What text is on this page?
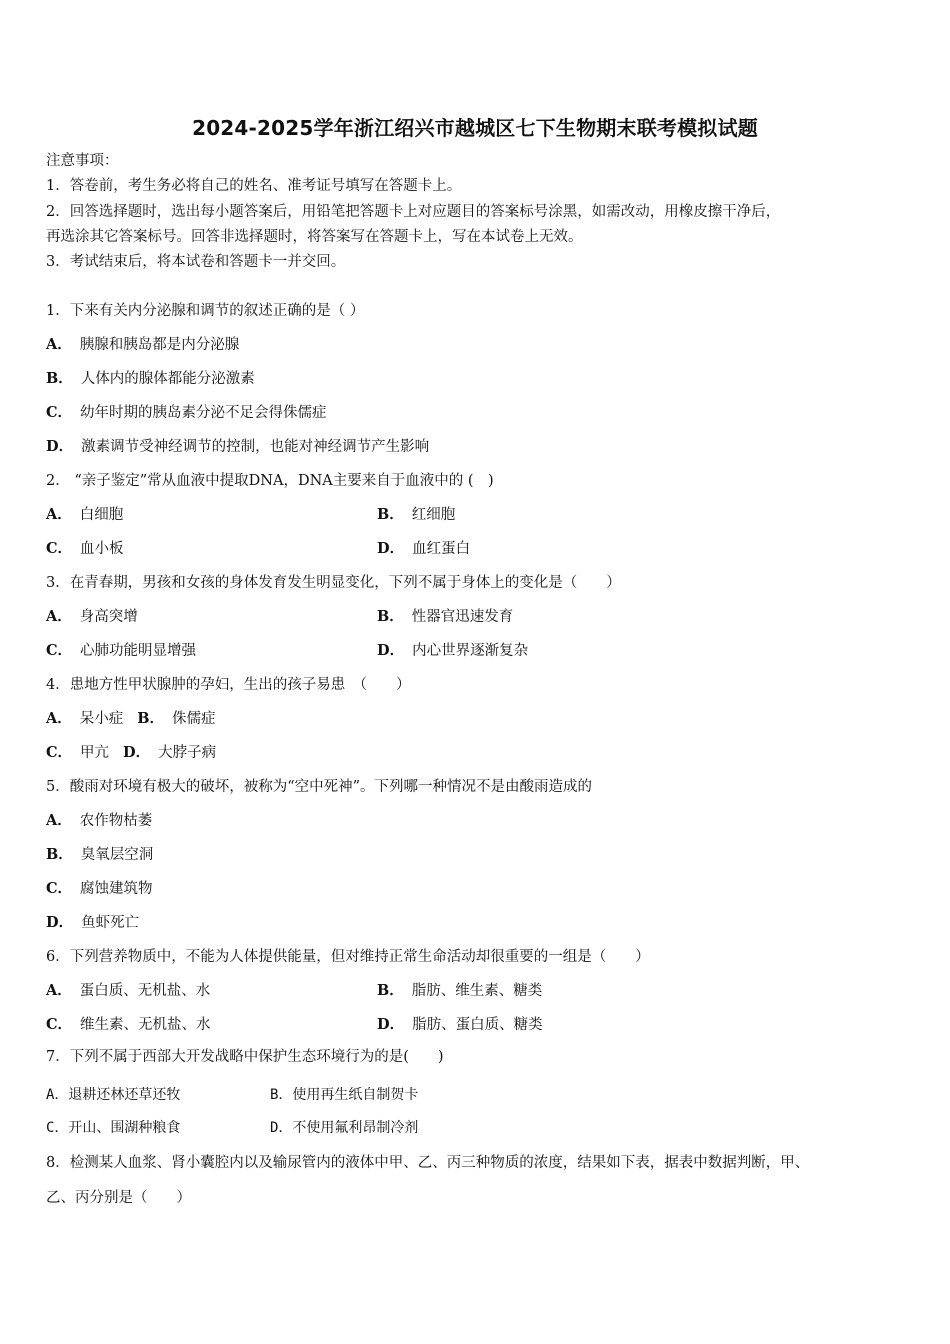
2024-2025学年浙江绍兴市越城区七下生物期末联考模拟试题
注意事项：
1．答卷前，考生务必将自己的姓名、准考证号填写在答题卡上。
2．回答选择题时，选出每小题答案后，用铅笔把答题卡上对应题目的答案标号涂黑，如需改动，用橡皮擦干净后，
再选涂其它答案标号。回答非选择题时，将答案写在答题卡上，写在本试卷上无效。
3．考试结束后，将本试卷和答题卡一并交回。
1．下来有关内分泌腺和调节的叙述正确的是（ ）
A． 胰腺和胰岛都是内分泌腺
B． 人体内的腺体都能分泌激素
C． 幼年时期的胰岛素分泌不足会得侏儒症
D． 激素调节受神经调节的控制，也能对神经调节产生影响
2． “亲子鉴定”常从血液中提取DNA，DNA主要来自于血液中的 (　)
A． 白细胞	B． 红细胞
C． 血小板	D． 血红蛋白
3．在青春期，男孩和女孩的身体发育发生明显变化，下列不属于身体上的变化是（　　）
A． 身高突增	B． 性器官迅速发育
C． 心肺功能明显增强	D． 内心世界逐渐复杂
4．患地方性甲状腺肿的孕妇，生出的孩子易患　（　　）
A． 呆小症 B． 侏儒症
C． 甲亢 D． 大脖子病
5．酸雨对环境有极大的破坏，被称为“空中死神”。下列哪一种情况不是由酸雨造成的
A． 农作物枯萎
B． 臭氧层空洞
C． 腐蚀建筑物
D． 鱼虾死亡
6．下列营养物质中，不能为人体提供能量，但对维持正常生命活动却很重要的一组是（　　）
A． 蛋白质、无机盐、水	B． 脂肪、维生素、糖类
C． 维生素、无机盐、水	D． 脂肪、蛋白质、糖类
7．下列不属于西部大开发战略中保护生态环境行为的是(　　)
A．退耕还林还草还牧	B．使用再生纸自制贺卡
C．开山、围湖种粮食	D．不使用氟利昂制冷剂
8．检测某人血浆、肾小囊腔内以及输尿管内的液体中甲、乙、丙三种物质的浓度，结果如下表，据表中数据判断，甲、
乙、丙分别是（　　）
